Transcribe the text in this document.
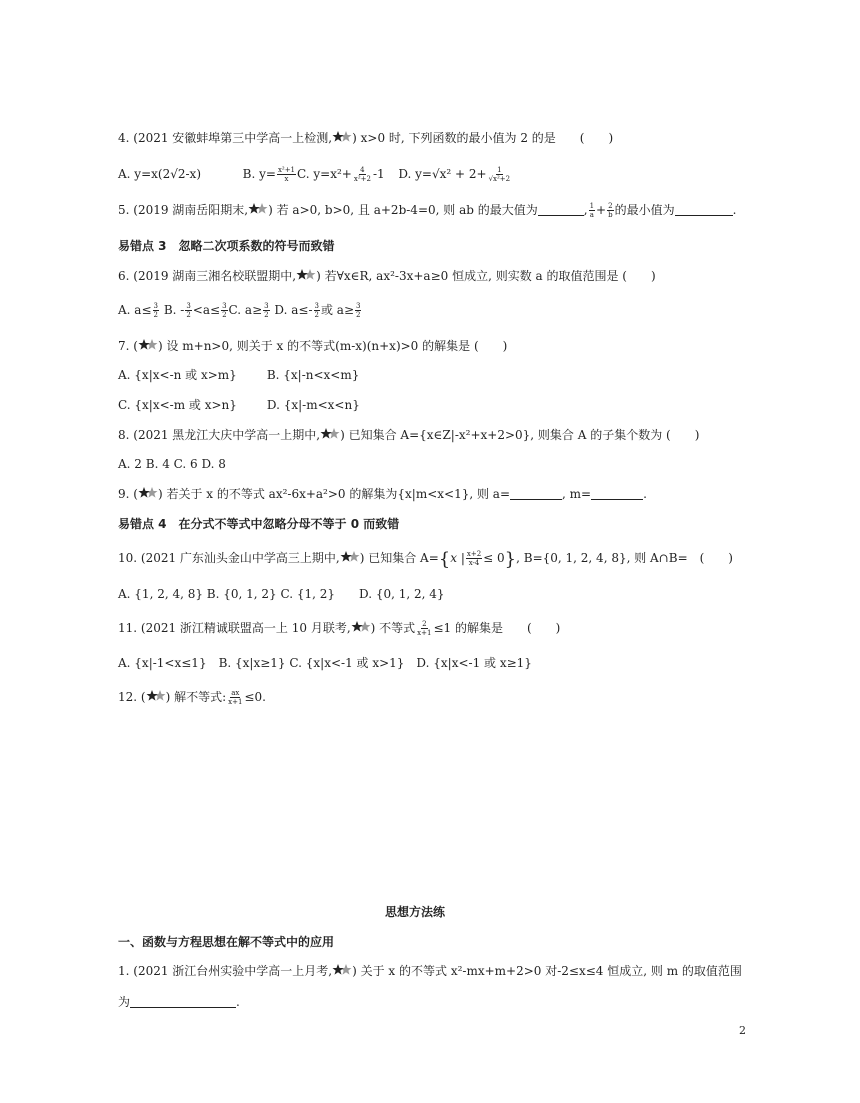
4. (2021 安徽蚌埠第三中学高一上检测, ) x>0 时, 下列函数的最小值为 2 的是　　(　　)
A. y=x(2√2-x)	B. $y= \frac{\text{x²+1}}{x} C$. $y=x^2+ \frac{4}{\text{x²+2}} -1$ D. $y=√x^2 + 2+ \frac{1}{\text{√x²+2}}$
5. (2019 湖南岳阳期末, ) 若 a>0, b>0, 且 a+2b-4=0, 则 ab 的最大值为	, $\frac{1}{a} + \frac{2}{b}$ 的最小值为	.
易错点 3　忽略二次项系数的符号而致错
6. (2019 湖南三湘名校联盟期中, ) 若∀x∈R, ax²-3x+a≥0 恒成立, 则实数 a 的取值范围是 (　　)
A. $a\le \frac{3}{2} B$. - $\frac{3}{2} <a\le \frac{3}{2} C$. $a\ge \frac{3}{2} D$. $a\le- \frac{3}{2}$ 或 $a\ge \frac{3}{2}$
7. ( ) 设 m+n>0, 则关于 x 的不等式(m-x)(n+x)>0 的解集是 (　　)
A. {x|x<-n 或 x>m}	B. {x|-n<x<m}
C. {x|x<-m 或 x>n}	D. {x|-m<x<n}
8. (2021 黑龙江大庆中学高一上期中, ) 已知集合 A={x∈Z|-x²+x+2>0}, 则集合 A 的子集个数为 (　　)
A. 2 B. 4 C. 6 D. 8
9. ( ) 若关于 x 的不等式 ax²-6x+a²>0 的解集为{x|m<x<1}, 则 a=	, m=	.
易错点 4　在分式不等式中忽略分母不等于 0 而致错
10. (2021 广东汕头金山中学高三上期中, ) 已知集合 A={x | $\frac{x+2}{x-4} \le 0$}, B={0, 1, 2, 4, 8}, 则 A∩B=　(　　)
A. {1, 2, 4, 8} B. {0, 1, 2} C. {1, 2}　　D. {0, 1, 2, 4}
11. (2021 浙江精诚联盟高一上 10 月联考, ) 不等式 $\frac{2}{x+1} \le 1$ 的解集是　　(　　)
A. {x|-1<x≤1}　B. {x|x≥1} C. {x|x<-1 或 x>1}　D. {x|x<-1 或 x≥1}
12. ( ) 解不等式: $\frac{ax}{x+1} \le 0$.
思想方法练
一、函数与方程思想在解不等式中的应用
1. (2021 浙江台州实验中学高一上月考, ) 关于 x 的不等式 x²-mx+m+2>0 对-2≤x≤4 恒成立, 则 m 的取值范围
为	.
2
